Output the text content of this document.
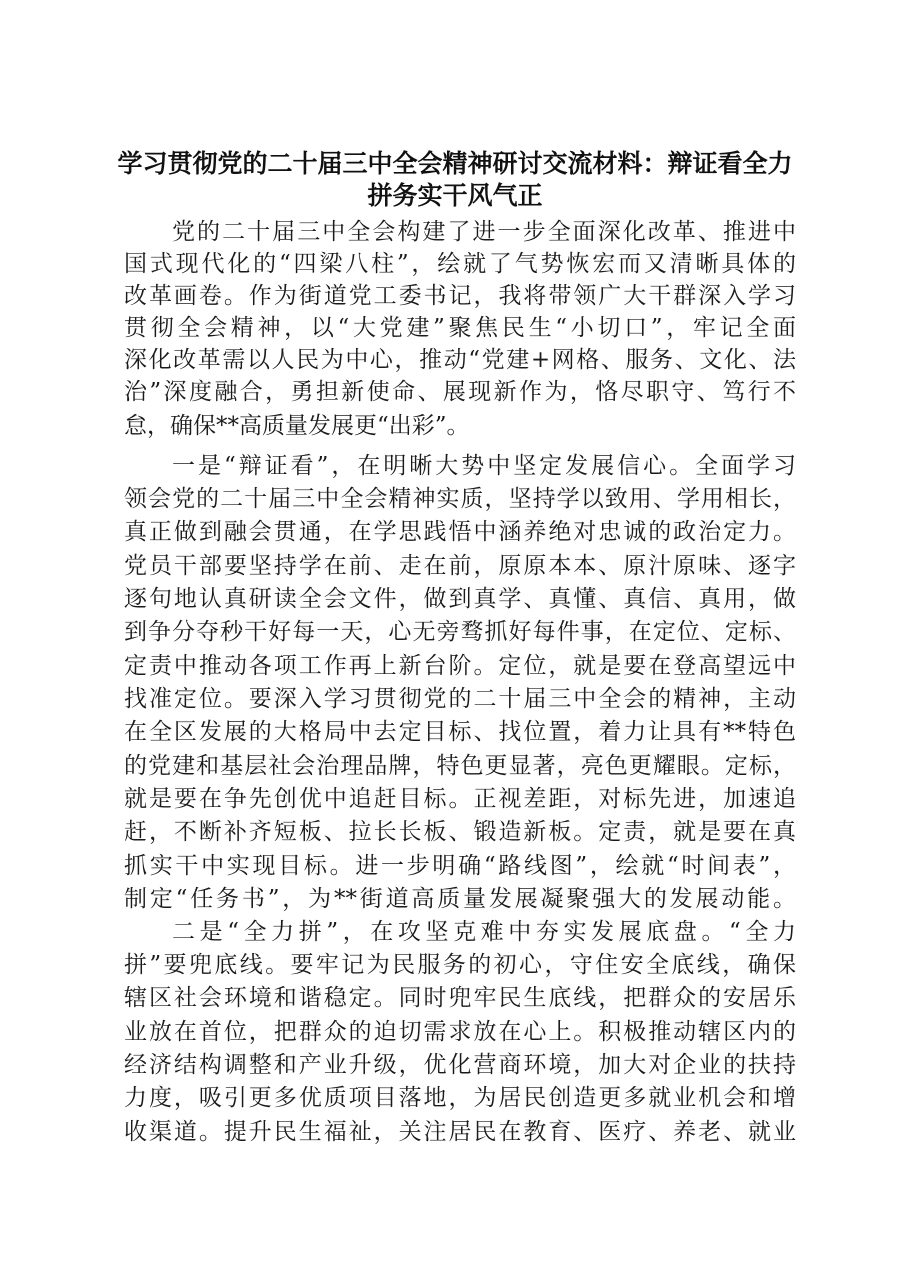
学习贯彻党的二十届三中全会精神研讨交流材料：辩证看全力
拼务实干风气正
党的二十届三中全会构建了进一步全面深化改革、推进中
国式现代化的“四梁八柱”，绘就了气势恢宏而又清晰具体的
改革画卷。作为街道党工委书记，我将带领广大干群深入学习
贯彻全会精神，以“大党建”聚焦民生“小切口”，牢记全面
深化改革需以人民为中心，推动“党建+网格、服务、文化、法
治”深度融合，勇担新使命、展现新作为，恪尽职守、笃行不
怠，确保**高质量发展更“出彩”。
一是“辩证看”，在明晰大势中坚定发展信心。全面学习
领会党的二十届三中全会精神实质，坚持学以致用、学用相长，
真正做到融会贯通，在学思践悟中涵养绝对忠诚的政治定力。
党员干部要坚持学在前、走在前，原原本本、原汁原味、逐字
逐句地认真研读全会文件，做到真学、真懂、真信、真用，做
到争分夺秒干好每一天，心无旁骛抓好每件事，在定位、定标、
定责中推动各项工作再上新台阶。定位，就是要在登高望远中
找准定位。要深入学习贯彻党的二十届三中全会的精神，主动
在全区发展的大格局中去定目标、找位置，着力让具有**特色
的党建和基层社会治理品牌，特色更显著，亮色更耀眼。定标，
就是要在争先创优中追赶目标。正视差距，对标先进，加速追
赶，不断补齐短板、拉长长板、锻造新板。定责，就是要在真
抓实干中实现目标。进一步明确“路线图”，绘就“时间表”，
制定“任务书”，为**街道高质量发展凝聚强大的发展动能。
二是“全力拼”，在攻坚克难中夯实发展底盘。“全力
拼”要兜底线。要牢记为民服务的初心，守住安全底线，确保
辖区社会环境和谐稳定。同时兜牢民生底线，把群众的安居乐
业放在首位，把群众的迫切需求放在心上。积极推动辖区内的
经济结构调整和产业升级，优化营商环境，加大对企业的扶持
力度，吸引更多优质项目落地，为居民创造更多就业机会和增
收渠道。提升民生福祉，关注居民在教育、医疗、养老、就业
